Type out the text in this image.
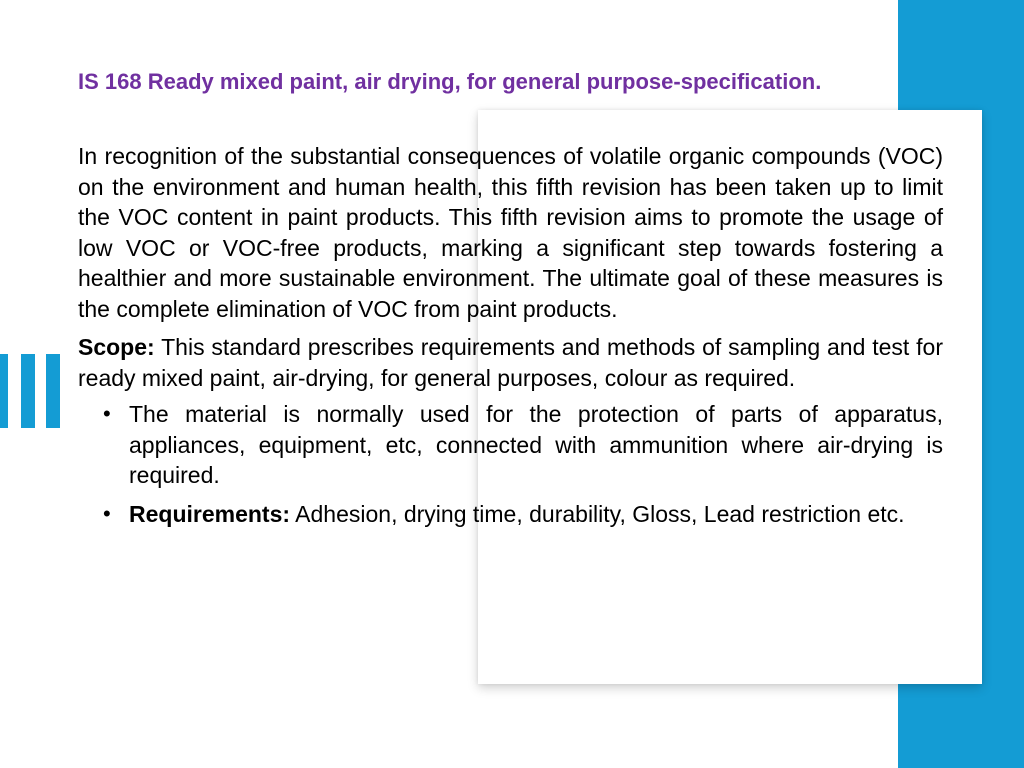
IS 168 Ready mixed paint, air drying, for general purpose-specification.

In recognition of the substantial consequences of volatile organic compounds (VOC) on the environment and human health, this fifth revision has been taken up to limit the VOC content in paint products. This fifth revision aims to promote the usage of low VOC or VOC-free products, marking a significant step towards fostering a healthier and more sustainable environment. The ultimate goal of these measures is the complete elimination of VOC from paint products.

Scope: This standard prescribes requirements and methods of sampling and test for ready mixed paint, air-drying, for general purposes, colour as required.

• The material is normally used for the protection of parts of apparatus, appliances, equipment, etc, connected with ammunition where air-drying is required.
• Requirements: Adhesion, drying time, durability, Gloss, Lead restriction etc.
